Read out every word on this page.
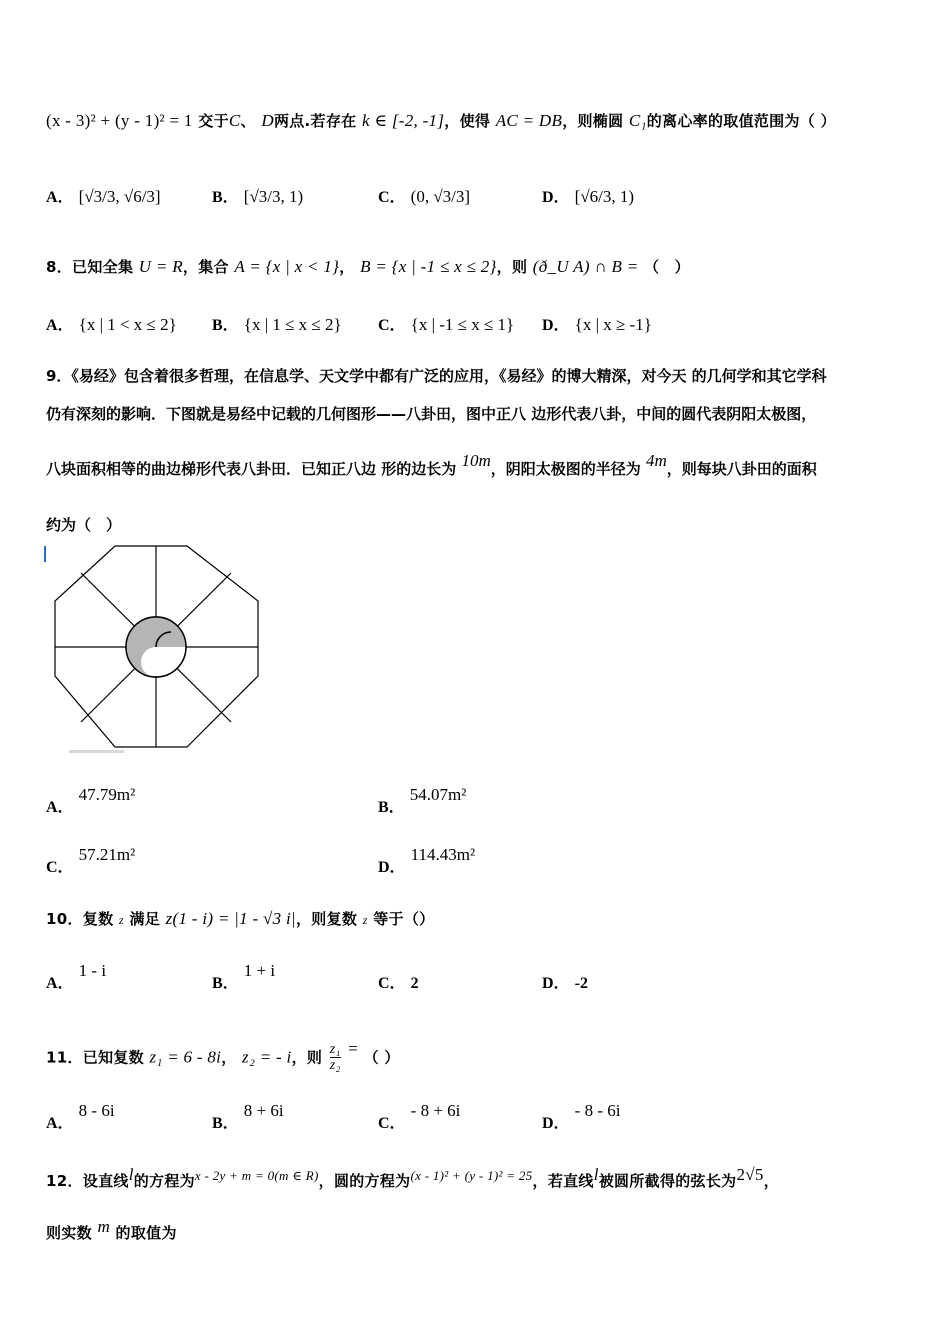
(x - 3)² + (y - 1)² = 1 交于C、 D两点.若存在 k ∈ [-2, -1]，使得 AC = DB，则椭圆 C₁的离心率的取值范围为（ ）
A． [√3/3, √6/3]	B． [√3/3, 1)	C． (0, √3/3]	D． [√6/3, 1)
8．已知全集 U = R，集合 A = {x | x < 1}， B = {x | -1 ≤ x ≤ 2}，则 (ð_U A) ∩ B = （　）
A． {x | 1 < x ≤ 2} B． {x | 1 ≤ x ≤ 2} C． {x | -1 ≤ x ≤ 1} D． {x | x ≥ -1}
9．《易经》包含着很多哲理，在信息学、天文学中都有广泛的应用，《易经》的博大精深，对今天 的几何学和其它学科
仍有深刻的影响．下图就是易经中记载的几何图形——八卦田，图中正八 边形代表八卦，中间的圆代表阴阳太极图，
八块面积相等的曲边梯形代表八卦田．已知正八边 形的边长为 10m，阴阳太极图的半径为 4m，则每块八卦田的面积
约为（　）
A． 47.79m²
B． 54.07m²
C． 57.21m²
D． 114.43m²
10．复数 z 满足 z(1 - i) = |1 - √3 i|，则复数 z 等于（）
A． 1 - i
B． 1 + i
C． 2	D． -2
11．已知复数 z₁ = 6 - 8i， z₂ = - i，则 $\frac{\text{z₁}}{\text{z₂}}$ = （ ）
A． 8 - 6i
B． 8 + 6i
C． - 8 + 6i
D． - 8 - 6i
12．设直线l的方程为x - 2y + m = 0(m ∈ R)，圆的方程为(x - 1)² + (y - 1)² = 25，若直线l被圆所截得的弦长为2√5，
则实数 m 的取值为
